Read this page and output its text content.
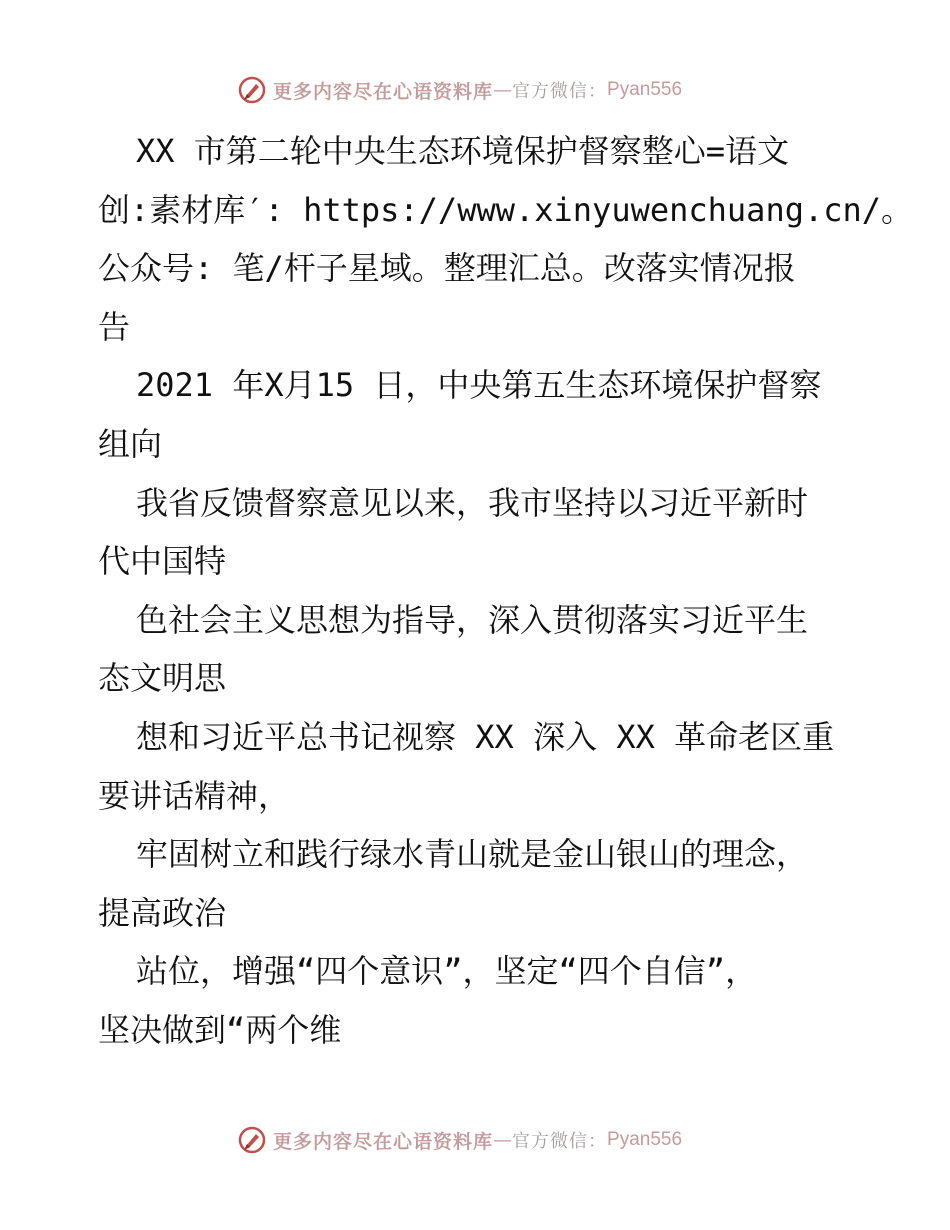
更多内容尽在心语资料库 — 官方微信： Pyan556
XX 市第二轮中央生态环境保护督察整心=语文
创:素材库′: https://www.xinyuwenchuang.cn/。
公众号: 笔/杆子星域。整理汇总。改落实情况报
告
2021 年X月15 日，中央第五生态环境保护督察
组向
我省反馈督察意见以来，我市坚持以习近平新时
代中国特
色社会主义思想为指导，深入贯彻落实习近平生
态文明思
想和习近平总书记视察 XX 深入 XX 革命老区重
要讲话精神，
牢固树立和践行绿水青山就是金山银山的理念，
提高政治
站位，增强“四个意识”，坚定“四个自信”，
坚决做到“两个维
更多内容尽在心语资料库 — 官方微信： Pyan556
